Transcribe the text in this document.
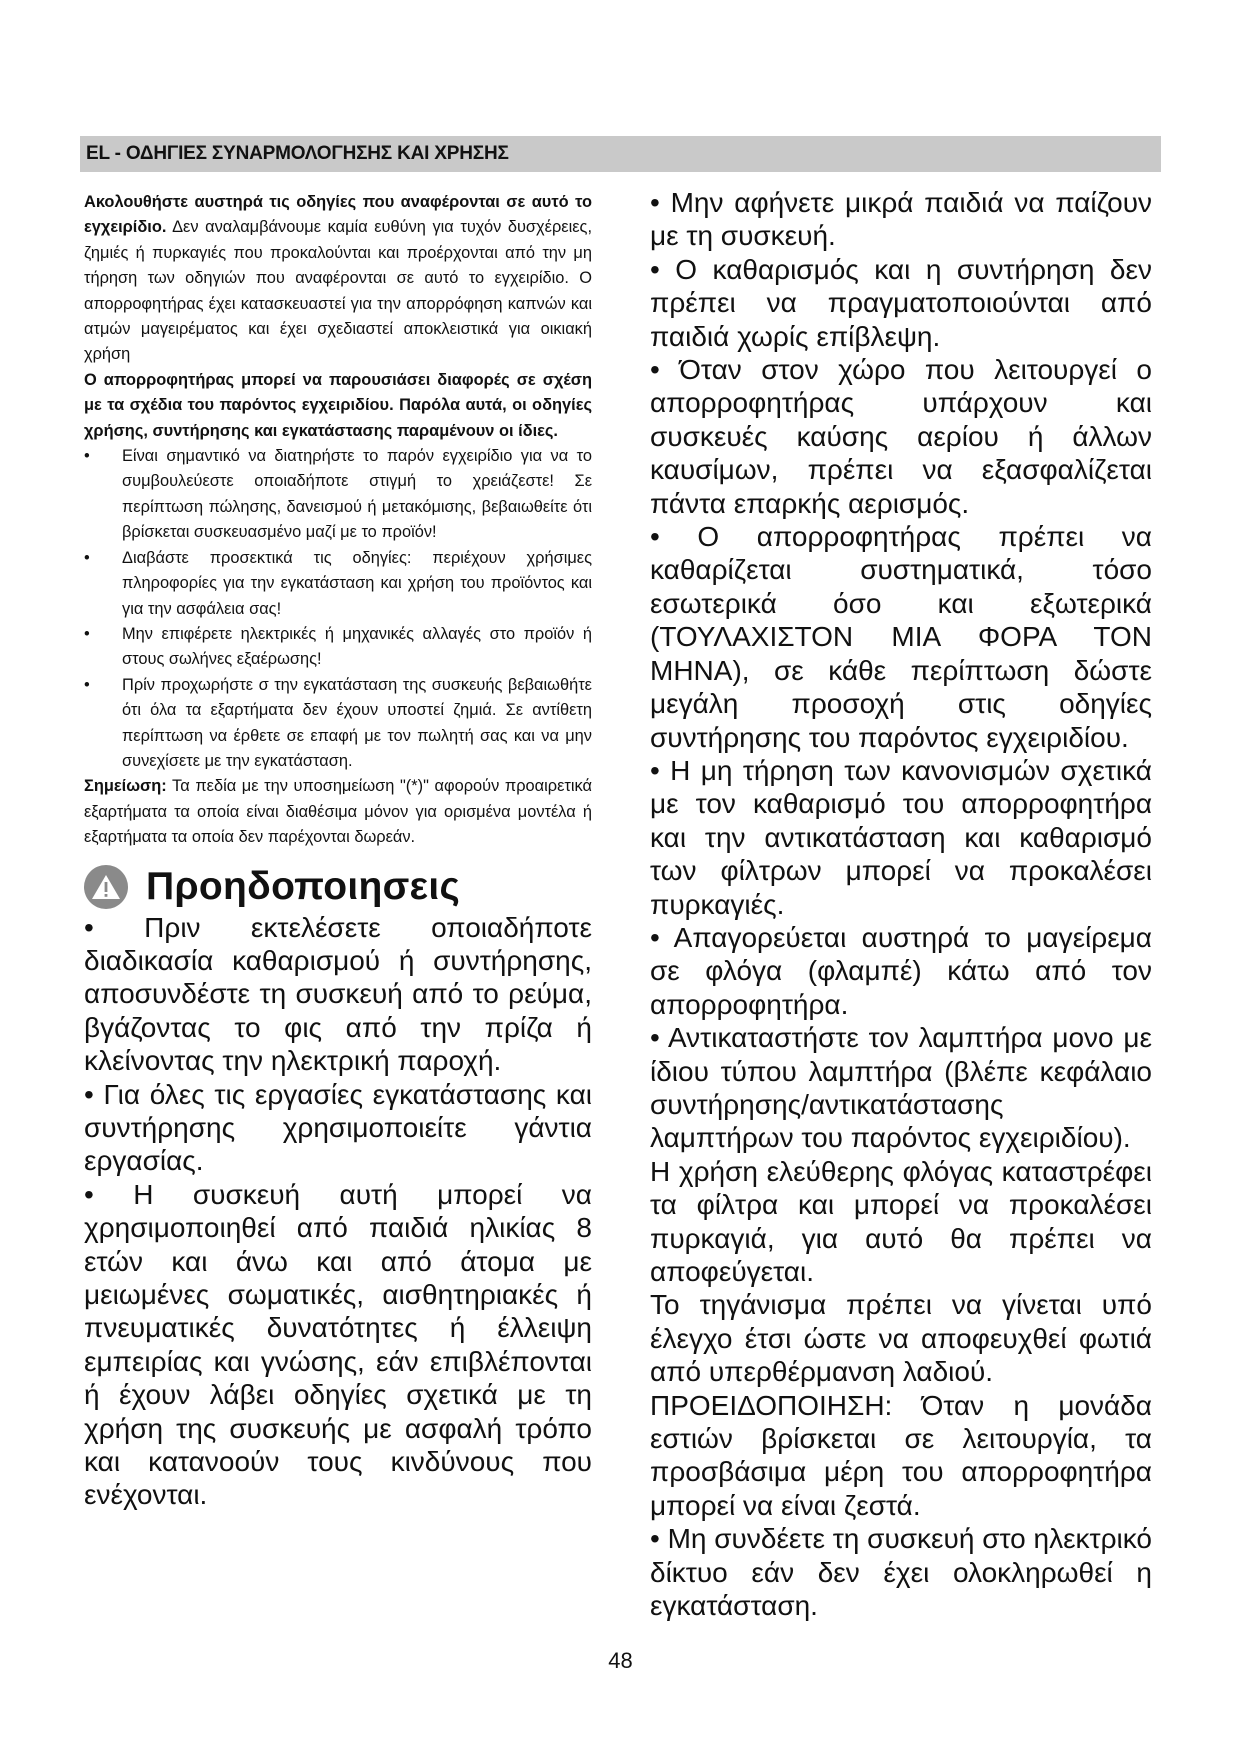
EL - ΟΔΗΓΙΕΣ ΣΥΝΑΡΜΟΛΟΓΗΣΗΣ ΚΑΙ ΧΡΗΣΗΣ

Ακολουθήστε αυστηρά τις οδηγίες που αναφέρονται σε αυτό το εγχειρίδιο. Δεν αναλαμβάνουμε καμία ευθύνη για τυχόν δυσχέρειες, ζημιές ή πυρκαγιές που προκαλούνται και προέρχονται από την μη τήρηση των οδηγιών που αναφέρονται σε αυτό το εγχειρίδιο. Ο απορροφητήρας έχει κατασκευαστεί για την απορρόφηση καπνών και ατμών μαγειρέματος και έχει σχεδιαστεί αποκλειστικά για οικιακή χρήση

Ο απορροφητήρας μπορεί να παρουσιάσει διαφορές σε σχέση με τα σχέδια του παρόντος εγχειριδίου. Παρόλα αυτά, οι οδηγίες χρήσης, συντήρησης και εγκατάστασης παραμένουν οι ίδιες.

• Είναι σημαντικό να διατηρήστε το παρόν εγχειρίδιο για να το συμβουλεύεστε οποιαδήποτε στιγμή το χρειάζεστε! Σε περίπτωση πώλησης, δανεισμού ή μετακόμισης, βεβαιωθείτε ότι βρίσκεται συσκευασμένο μαζί με το προϊόν!
• Διαβάστε προσεκτικά τις οδηγίες: περιέχουν χρήσιμες πληροφορίες για την εγκατάσταση και χρήση του προϊόντος και για την ασφάλεια σας!
• Μην επιφέρετε ηλεκτρικές ή μηχανικές αλλαγές στο προϊόν ή στους σωλήνες εξαέρωσης!
• Πρίν προχωρήστε σ την εγκατάσταση της συσκευής βεβαιωθήτε ότι όλα τα εξαρτήματα δεν έχουν υποστεί ζημιά. Σε αντίθετη περίπτωση να έρθετε σε επαφή με τον πωλητή σας και να μην συνεχίσετε με την εγκατάσταση.

Σημείωση: Τα πεδία με την υποσημείωση "(*)" αφορούν προαιρετικά εξαρτήματα τα οποία είναι διαθέσιμα μόνον για ορισμένα μοντέλα ή εξαρτήματα τα οποία δεν παρέχονται δωρεάν.

Προηδοποιησεις

• Πριν εκτελέσετε οποιαδήποτε διαδικασία καθαρισμού ή συντήρησης, αποσυνδέστε τη συσκευή από το ρεύμα, βγάζοντας το φις από την πρίζα ή κλείνοντας την ηλεκτρική παροχή.

• Για όλες τις εργασίες εγκατάστασης και συντήρησης χρησιμοποιείτε γάντια εργασίας.

• Η συσκευή αυτή μπορεί να χρησιμοποιηθεί από παιδιά ηλικίας 8 ετών και άνω και από άτομα με μειωμένες σωματικές, αισθητηριακές ή πνευματικές δυνατότητες ή έλλειψη εμπειρίας και γνώσης, εάν επιβλέπονται ή έχουν λάβει οδηγίες σχετικά με τη χρήση της συσκευής με ασφαλή τρόπο και κατανοούν τους κινδύνους που ενέχονται.

• Μην αφήνετε μικρά παιδιά να παίζουν με τη συσκευή.

• Ο καθαρισμός και η συντήρηση δεν πρέπει να πραγματοποιούνται από παιδιά χωρίς επίβλεψη.

• Όταν στον χώρο που λειτουργεί ο απορροφητήρας υπάρχουν και συσκευές καύσης αερίου ή άλλων καυσίμων, πρέπει να εξασφαλίζεται πάντα επαρκής αερισμός.

• Ο απορροφητήρας πρέπει να καθαρίζεται συστηματικά, τόσο εσωτερικά όσο και εξωτερικά (ΤΟΥΛΑΧΙΣΤΟΝ ΜΙΑ ΦΟΡΑ ΤΟΝ ΜΗΝΑ), σε κάθε περίπτωση δώστε μεγάλη προσοχή στις οδηγίες συντήρησης του παρόντος εγχειριδίου.

• Η μη τήρηση των κανονισμών σχετικά με τον καθαρισμό του απορροφητήρα και την αντικατάσταση και καθαρισμό των φίλτρων μπορεί να προκαλέσει πυρκαγιές.

• Απαγορεύεται αυστηρά το μαγείρεμα σε φλόγα (φλαμπέ) κάτω από τον απορροφητήρα.

• Αντικαταστήστε τον λαμπτήρα μονο με ίδιου τύπου λαμπτήρα (βλέπε κεφάλαιο συντήρησης/αντικατάστασης λαμπτήρων του παρόντος εγχειριδίου).

Η χρήση ελεύθερης φλόγας καταστρέφει τα φίλτρα και μπορεί να προκαλέσει πυρκαγιά, για αυτό θα πρέπει να αποφεύγεται.

Το τηγάνισμα πρέπει να γίνεται υπό έλεγχο έτσι ώστε να αποφευχθεί φωτιά από υπερθέρμανση λαδιού.

ΠΡΟΕΙΔΟΠΟΙΗΣΗ: Όταν η μονάδα εστιών βρίσκεται σε λειτουργία, τα προσβάσιμα μέρη του απορροφητήρα μπορεί να είναι ζεστά.

• Μη συνδέετε τη συσκευή στο ηλεκτρικό δίκτυο εάν δεν έχει ολοκληρωθεί η εγκατάσταση.

48
